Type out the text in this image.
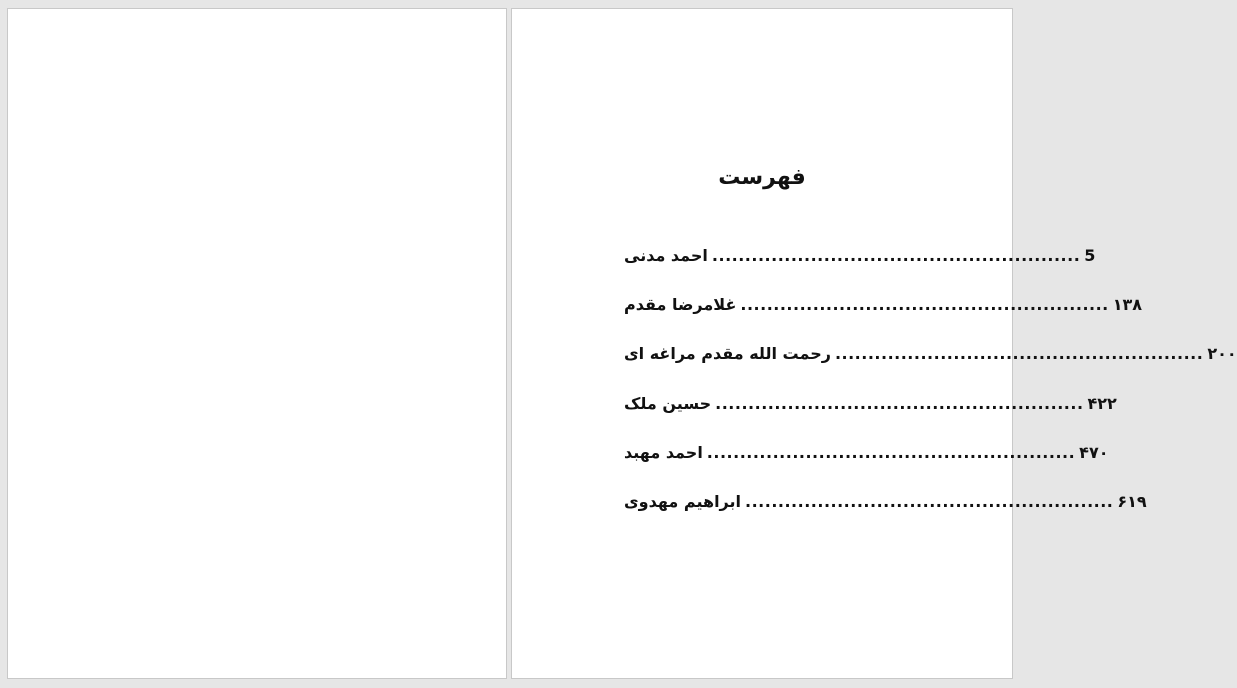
فهرست
احمد مدنی ........................................................ 5
غلامرضا مقدم ........................................................ ۱۳۸
رحمت الله مقدم مراغه ای ........................................................ ۲۰۰
حسین ملک ........................................................ ۴۲۲
احمد مهبد ........................................................ ۴۷۰
ابراهیم مهدوی ........................................................ ۶۱۹
